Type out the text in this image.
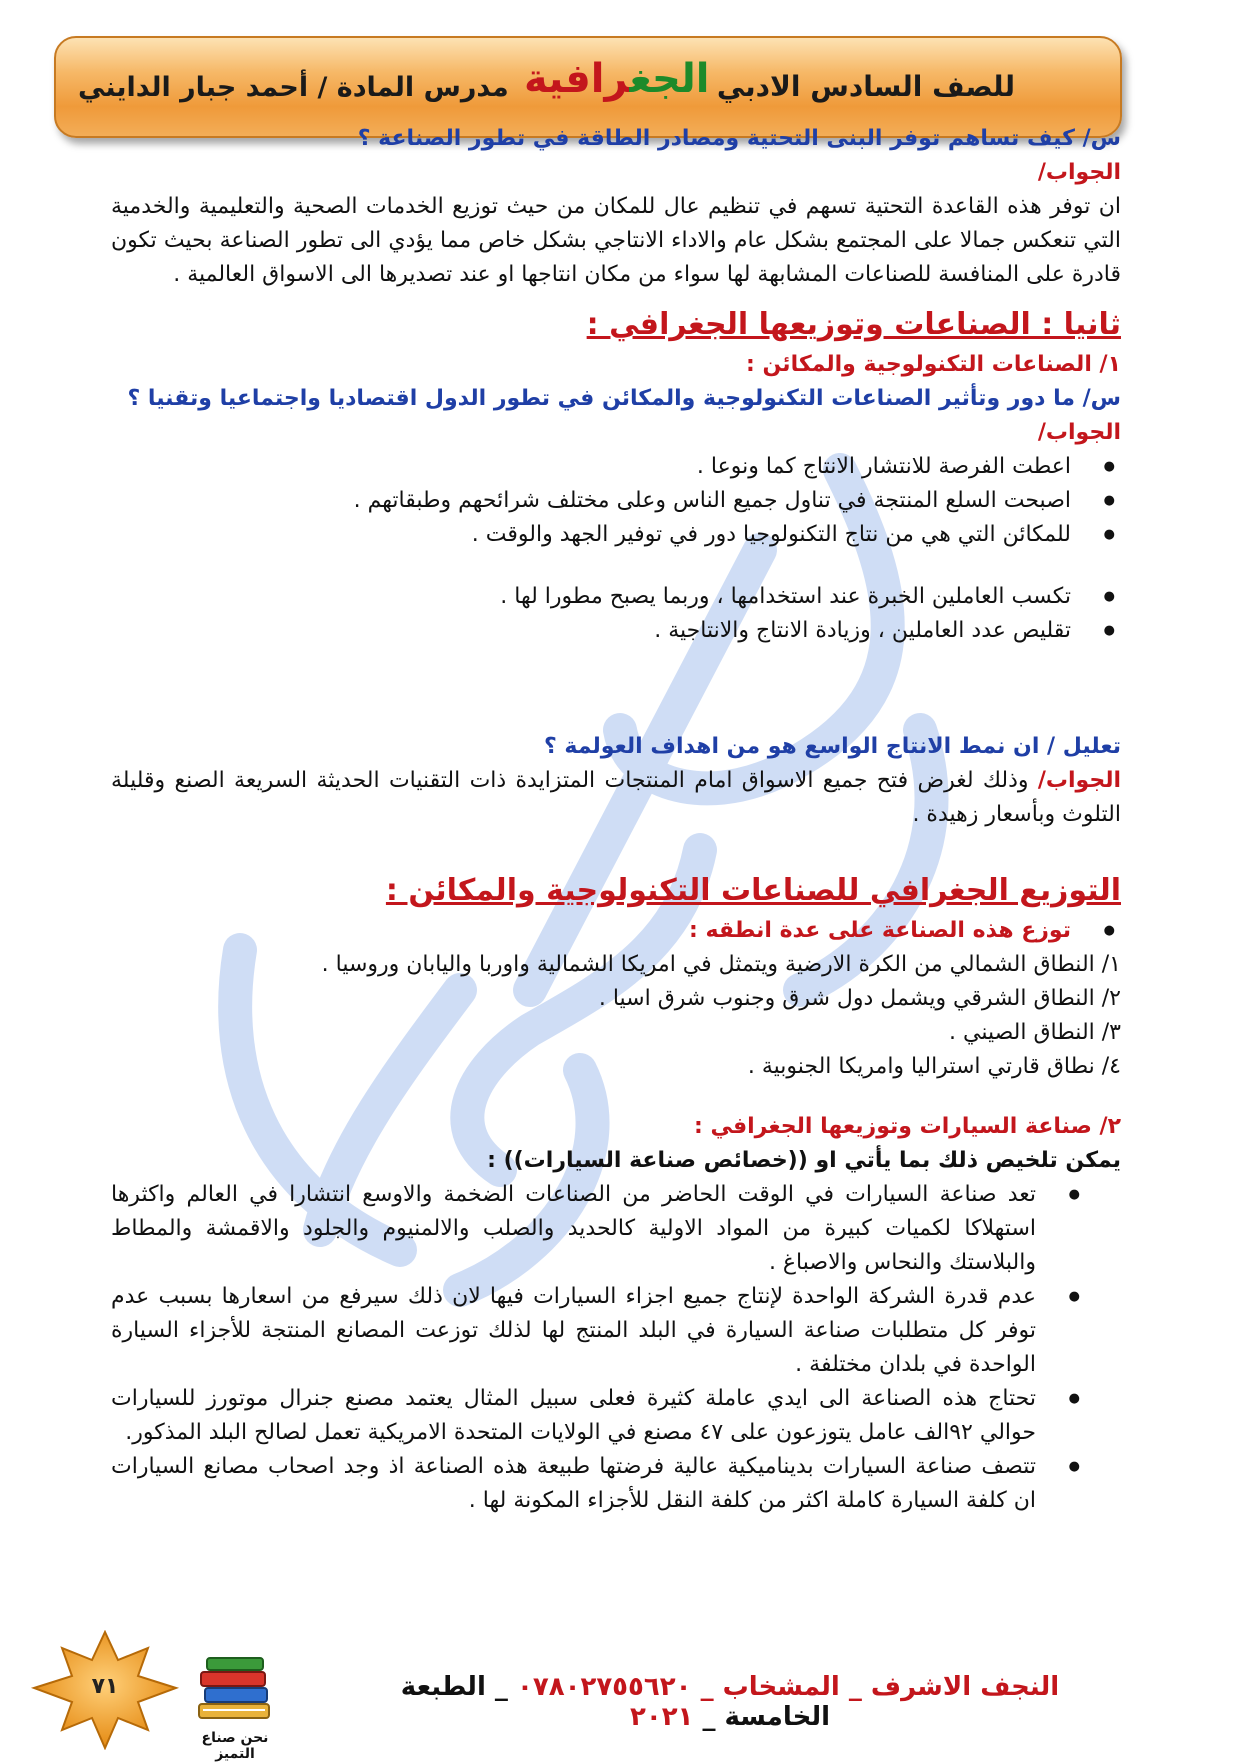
للصف السادس الادبي
الجغرافية
مدرس المادة / أحمد جبار الدايني
س/ كيف تساهم توفر البنى التحتية ومصادر الطاقة في تطور الصناعة ؟
الجواب/
ان توفر هذه القاعدة التحتية تسهم في تنظيم عال للمكان من حيث توزيع الخدمات الصحية والتعليمية والخدمية التي تنعكس جمالا على المجتمع بشكل عام والاداء الانتاجي بشكل خاص مما يؤدي الى تطور الصناعة بحيث تكون قادرة على المنافسة للصناعات المشابهة لها سواء من مكان انتاجها او عند تصديرها الى الاسواق العالمية .
ثانيا : الصناعات وتوزيعها الجغرافي :
١/ الصناعات التكنولوجية والمكائن :
س/ ما دور وتأثير الصناعات التكنولوجية والمكائن في تطور الدول اقتصاديا واجتماعيا وتقنيا ؟
الجواب/
● اعطت الفرصة للانتشار الانتاج كما ونوعا .
● اصبحت السلع المنتجة في تناول جميع الناس وعلى مختلف شرائحهم وطبقاتهم .
● للمكائن التي هي من نتاج التكنولوجيا دور في توفير الجهد والوقت .
● تكسب العاملين الخبرة عند استخدامها ، وربما يصبح مطورا لها .
● تقليص عدد العاملين ، وزيادة الانتاج والانتاجية .
تعليل / ان نمط الانتاج الواسع هو من اهداف العولمة ؟
الجواب/ وذلك لغرض فتح جميع الاسواق امام المنتجات المتزايدة ذات التقنيات الحديثة السريعة الصنع وقليلة التلوث وبأسعار زهيدة .
التوزيع الجغرافي للصناعات التكنولوجية والمكائن :
● توزع هذه الصناعة على عدة انطقه :
١/ النطاق الشمالي من الكرة الارضية ويتمثل في امريكا الشمالية واوربا واليابان وروسيا .
٢/ النطاق الشرقي ويشمل دول شرق وجنوب شرق اسيا .
٣/ النطاق الصيني .
٤/ نطاق قارتي استراليا وامريكا الجنوبية .
٢/ صناعة السيارات وتوزيعها الجغرافي :
يمكن تلخيص ذلك بما يأتي او ((خصائص صناعة السيارات)) :
● تعد صناعة السيارات في الوقت الحاضر من الصناعات الضخمة والاوسع انتشارا في العالم واكثرها استهلاكا لكميات كبيرة من المواد الاولية كالحديد والصلب والالمنيوم والجلود والاقمشة والمطاط والبلاستك والنحاس والاصباغ .
● عدم قدرة الشركة الواحدة لإنتاج جميع اجزاء السيارات فيها لان ذلك سيرفع من اسعارها بسبب عدم توفر كل متطلبات صناعة السيارة في البلد المنتج لها لذلك توزعت المصانع المنتجة للأجزاء السيارة الواحدة في بلدان مختلفة .
● تحتاج هذه الصناعة الى ايدي عاملة كثيرة فعلى سبيل المثال يعتمد مصنع جنرال موتورز للسيارات حوالي ٩٢الف عامل يتوزعون على ٤٧ مصنع في الولايات المتحدة الامريكية تعمل لصالح البلد المذكور.
● تتصف صناعة السيارات بديناميكية عالية فرضتها طبيعة هذه الصناعة اذ وجد اصحاب مصانع السيارات ان كلفة السيارة كاملة اكثر من كلفة النقل للأجزاء المكونة لها .
النجف الاشرف _ المشخاب _ ٠٧٨٠٢٧٥٥٦٢٠ _ الطبعة الخامسة _ ٢٠٢١
نحن صناع التميز
٧١
